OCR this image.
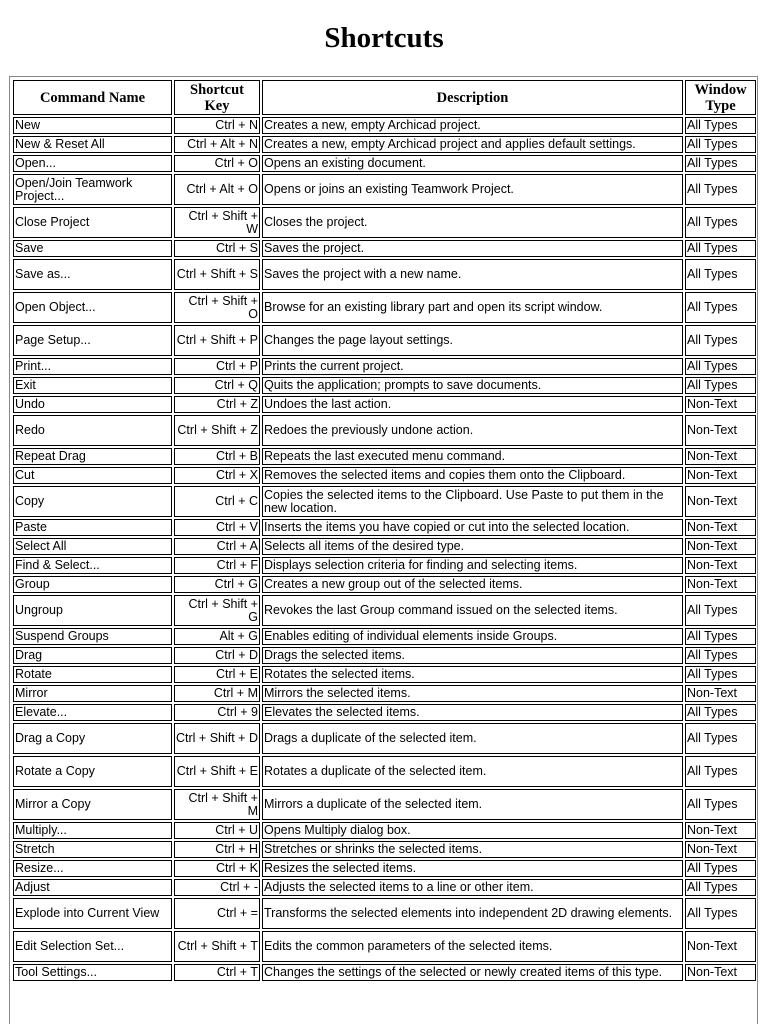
Shortcuts
Command Name	Shortcut Key	Description	Window Type
New	Ctrl + N	Creates a new, empty Archicad project.	All Types
New & Reset All	Ctrl + Alt + N	Creates a new, empty Archicad project and applies default settings.	All Types
Open...	Ctrl + O	Opens an existing document.	All Types
Open/Join Teamwork Project...	Ctrl + Alt + O	Opens or joins an existing Teamwork Project.	All Types
Close Project	Ctrl + Shift + W	Closes the project.	All Types
Save	Ctrl + S	Saves the project.	All Types
Save as...	Ctrl + Shift + S	Saves the project with a new name.	All Types
Open Object...	Ctrl + Shift + O	Browse for an existing library part and open its script window.	All Types
Page Setup...	Ctrl + Shift + P	Changes the page layout settings.	All Types
Print...	Ctrl + P	Prints the current project.	All Types
Exit	Ctrl + Q	Quits the application; prompts to save documents.	All Types
Undo	Ctrl + Z	Undoes the last action.	Non-Text
Redo	Ctrl + Shift + Z	Redoes the previously undone action.	Non-Text
Repeat Drag	Ctrl + B	Repeats the last executed menu command.	Non-Text
Cut	Ctrl + X	Removes the selected items and copies them onto the Clipboard.	Non-Text
Copy	Ctrl + C	Copies the selected items to the Clipboard. Use Paste to put them in the new location.	Non-Text
Paste	Ctrl + V	Inserts the items you have copied or cut into the selected location.	Non-Text
Select All	Ctrl + A	Selects all items of the desired type.	Non-Text
Find & Select...	Ctrl + F	Displays selection criteria for finding and selecting items.	Non-Text
Group	Ctrl + G	Creates a new group out of the selected items.	Non-Text
Ungroup	Ctrl + Shift + G	Revokes the last Group command issued on the selected items.	All Types
Suspend Groups	Alt + G	Enables editing of individual elements inside Groups.	All Types
Drag	Ctrl + D	Drags the selected items.	All Types
Rotate	Ctrl + E	Rotates the selected items.	All Types
Mirror	Ctrl + M	Mirrors the selected items.	Non-Text
Elevate...	Ctrl + 9	Elevates the selected items.	All Types
Drag a Copy	Ctrl + Shift + D	Drags a duplicate of the selected item.	All Types
Rotate a Copy	Ctrl + Shift + E	Rotates a duplicate of the selected item.	All Types
Mirror a Copy	Ctrl + Shift + M	Mirrors a duplicate of the selected item.	All Types
Multiply...	Ctrl + U	Opens Multiply dialog box.	Non-Text
Stretch	Ctrl + H	Stretches or shrinks the selected items.	Non-Text
Resize...	Ctrl + K	Resizes the selected items.	All Types
Adjust	Ctrl + -	Adjusts the selected items to a line or other item.	All Types
Explode into Current View	Ctrl + =	Transforms the selected elements into independent 2D drawing elements.	All Types
Edit Selection Set...	Ctrl + Shift + T	Edits the common parameters of the selected items.	Non-Text
Tool Settings...	Ctrl + T	Changes the settings of the selected or newly created items of this type.	Non-Text
